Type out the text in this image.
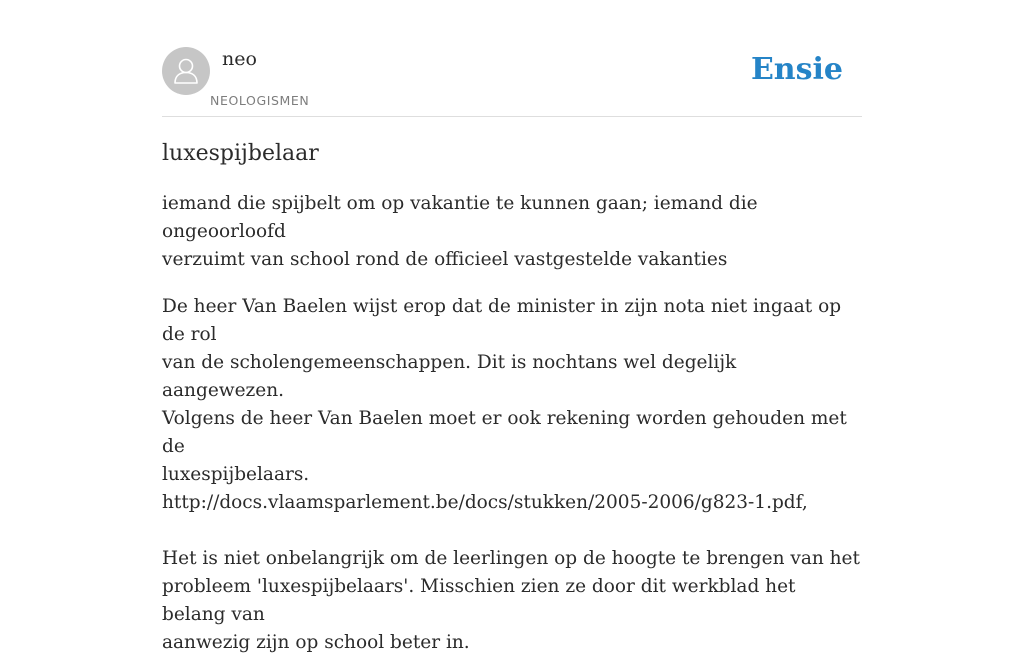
neo
NEOLOGISMEN
Ensie
luxespijbelaar

iemand die spijbelt om op vakantie te kunnen gaan; iemand die ongeoorloofd
verzuimt van school rond de officieel vastgestelde vakanties

De heer Van Baelen wijst erop dat de minister in zijn nota niet ingaat op de rol
van de scholengemeenschappen. Dit is nochtans wel degelijk aangewezen.
Volgens de heer Van Baelen moet er ook rekening worden gehouden met de
luxespijbelaars.
http://docs.vlaamsparlement.be/docs/stukken/2005-2006/g823-1.pdf,
Het is niet onbelangrijk om de leerlingen op de hoogte te brengen van het
probleem 'luxespijbelaars'. Misschien zien ze door dit werkblad het belang van
aanwezig zijn op school beter in.
